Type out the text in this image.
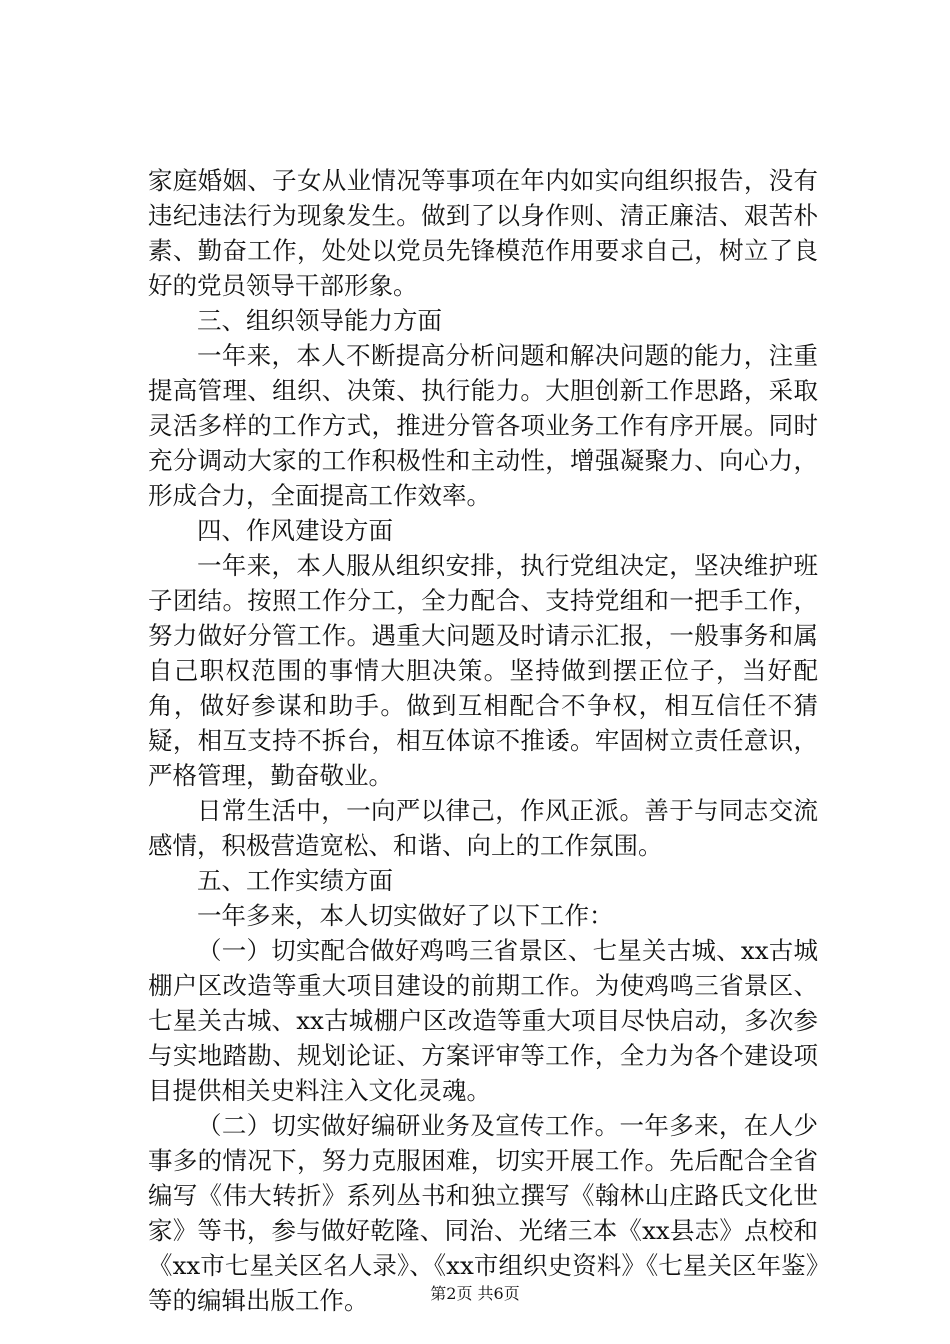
家庭婚姻、子女从业情况等事项在年内如实向组织报告，没有违纪违法行为现象发生。做到了以身作则、清正廉洁、艰苦朴素、勤奋工作，处处以党员先锋模范作用要求自己，树立了良好的党员领导干部形象。

三、组织领导能力方面

一年来，本人不断提高分析问题和解决问题的能力，注重提高管理、组织、决策、执行能力。大胆创新工作思路，采取灵活多样的工作方式，推进分管各项业务工作有序开展。同时充分调动大家的工作积极性和主动性，增强凝聚力、向心力，形成合力，全面提高工作效率。

四、作风建设方面

一年来，本人服从组织安排，执行党组决定，坚决维护班子团结。按照工作分工，全力配合、支持党组和一把手工作，努力做好分管工作。遇重大问题及时请示汇报，一般事务和属自己职权范围的事情大胆决策。坚持做到摆正位子，当好配角，做好参谋和助手。做到互相配合不争权，相互信任不猜疑，相互支持不拆台，相互体谅不推诿。牢固树立责任意识，严格管理，勤奋敬业。

日常生活中，一向严以律己，作风正派。善于与同志交流感情，积极营造宽松、和谐、向上的工作氛围。

五、工作实绩方面

一年多来，本人切实做好了以下工作：

（一）切实配合做好鸡鸣三省景区、七星关古城、xx古城棚户区改造等重大项目建设的前期工作。为使鸡鸣三省景区、七星关古城、xx古城棚户区改造等重大项目尽快启动，多次参与实地踏勘、规划论证、方案评审等工作，全力为各个建设项目提供相关史料注入文化灵魂。

（二）切实做好编研业务及宣传工作。一年多来，在人少事多的情况下，努力克服困难，切实开展工作。先后配合全省编写《伟大转折》系列丛书和独立撰写《翰林山庄路氏文化世家》等书，参与做好乾隆、同治、光绪三本《xx县志》点校和《xx市七星关区名人录》、《xx市组织史资料》《七星关区年鉴》等的编辑出版工作。	第2页 共6页
